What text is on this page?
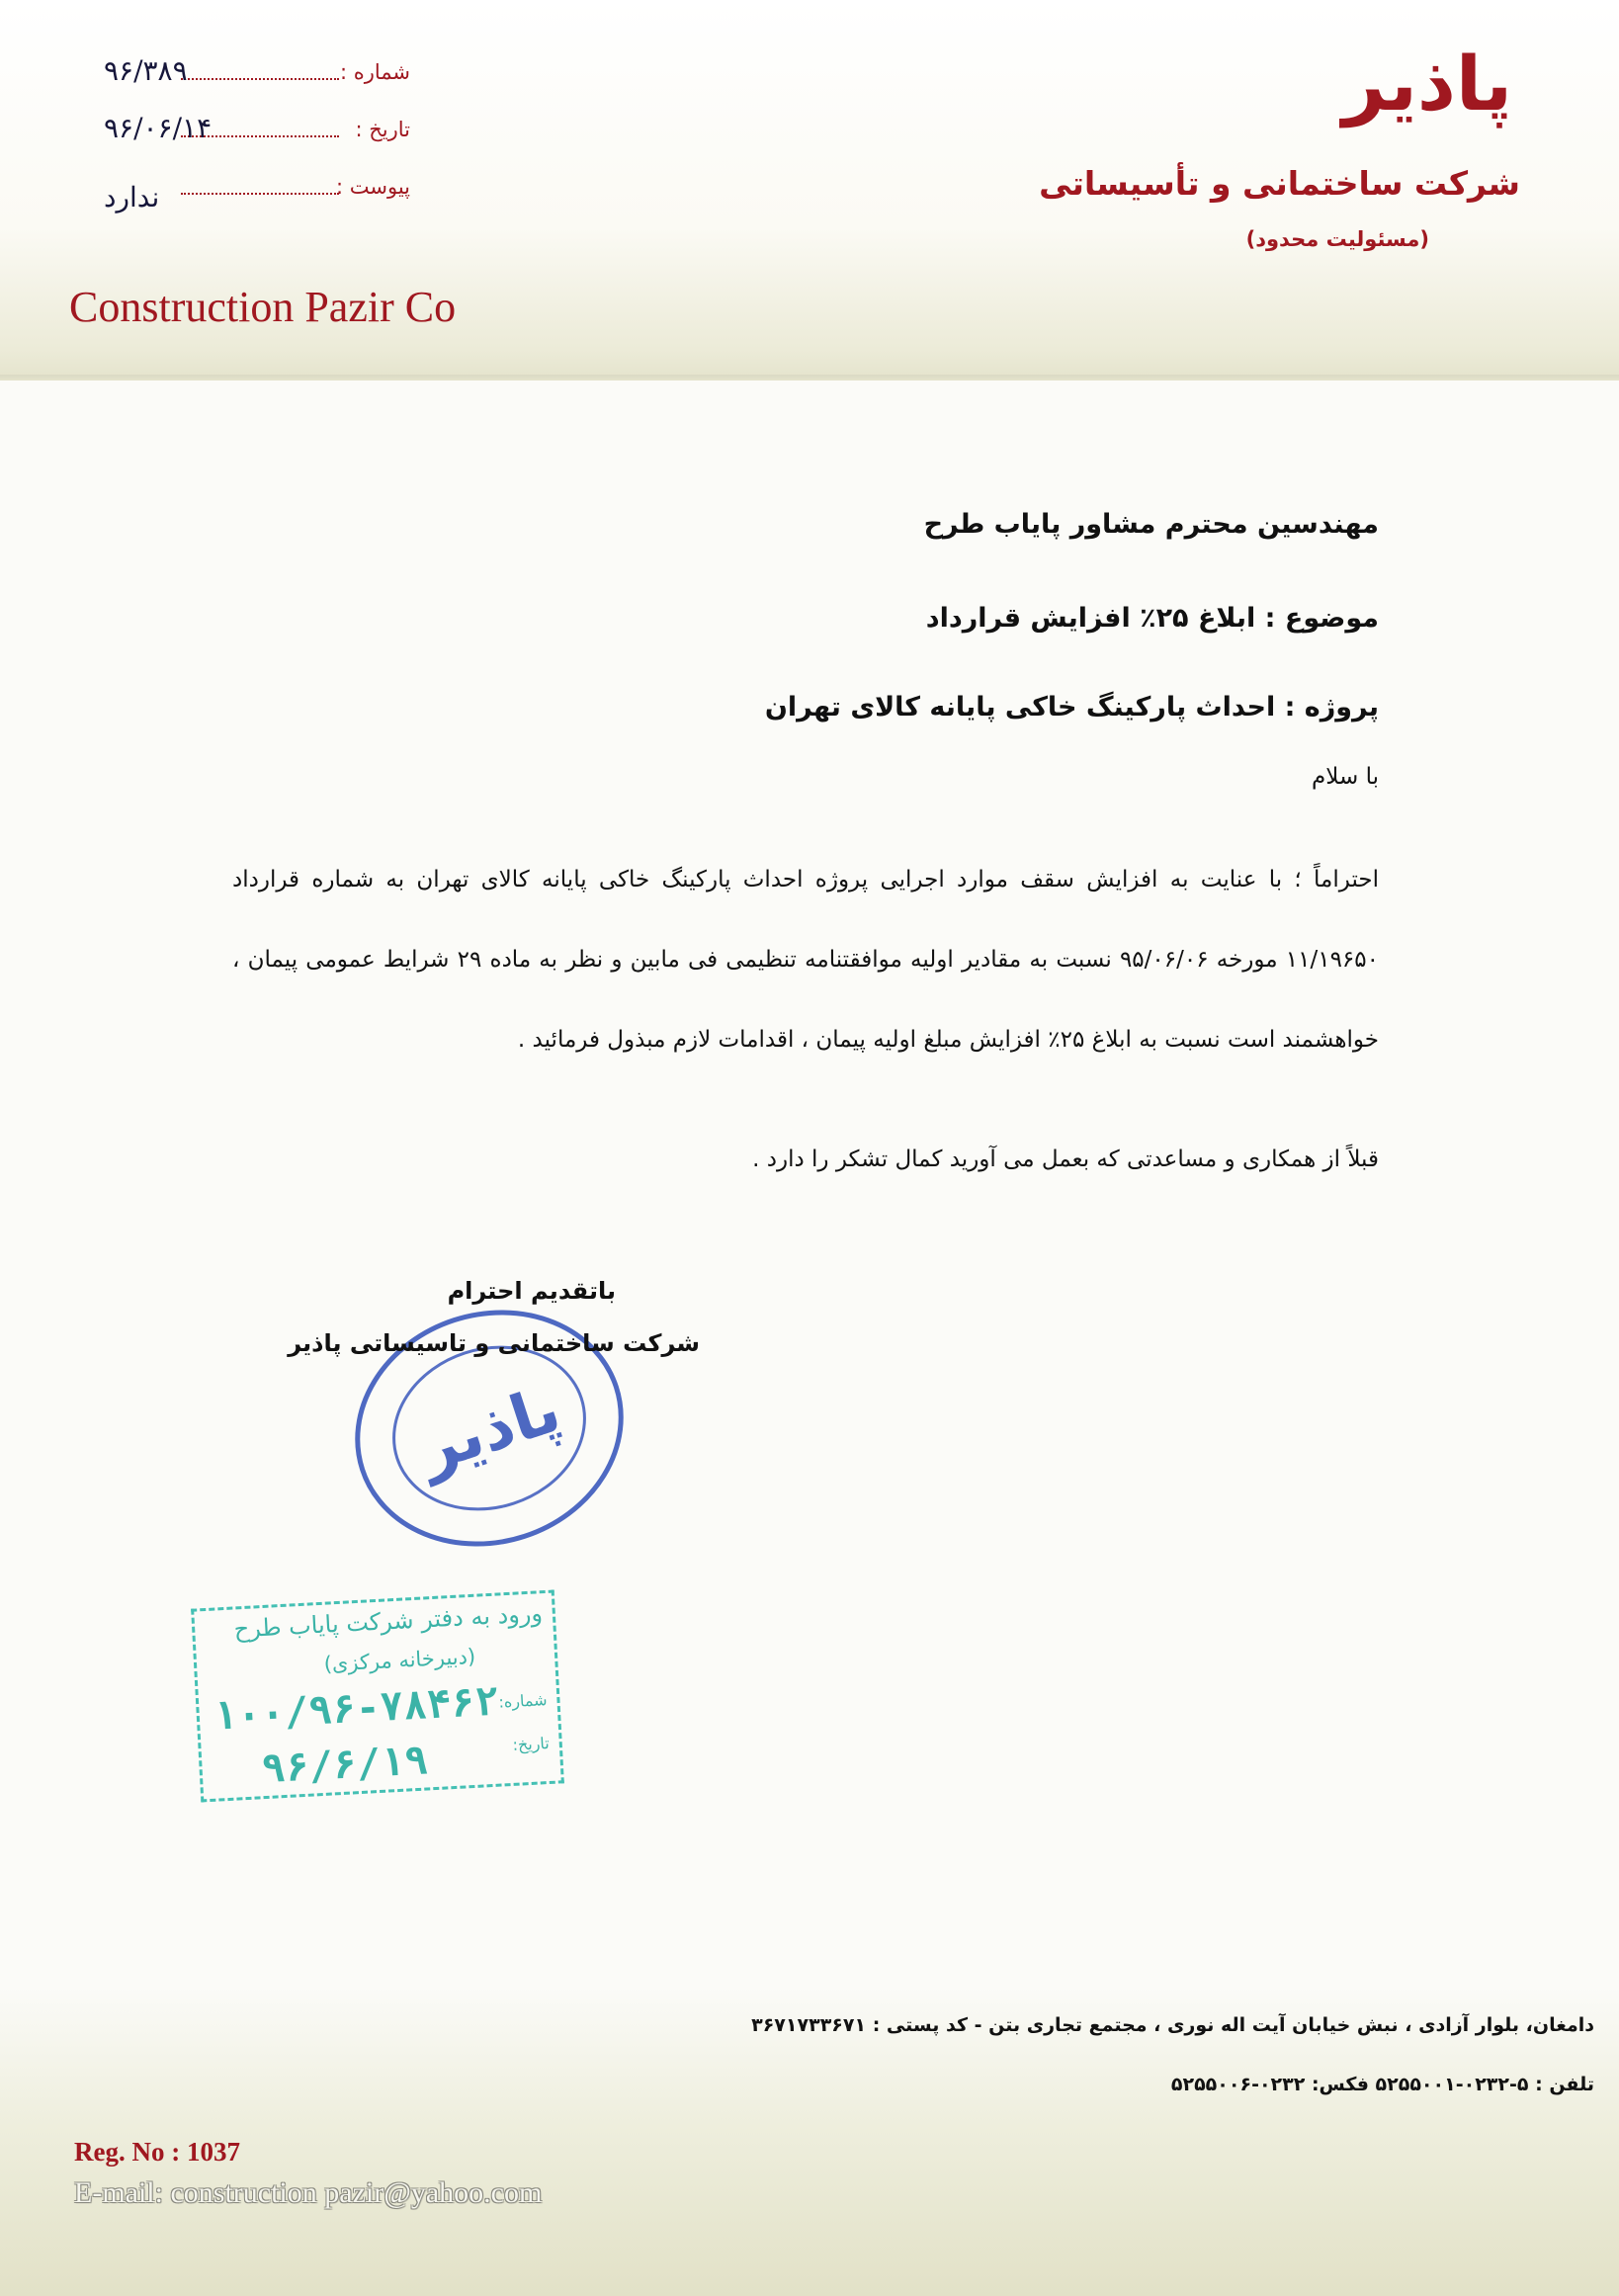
شماره :
۹۶/۳۸۹
تاریخ :
۹۶/۰۶/۱۴
پیوست :
ندارد
پاذیر
شرکت ساختمانی و تأسیساتی
(مسئولیت محدود)
Construction Pazir Co
مهندسین محترم مشاور پایاب طرح
موضوع : ابلاغ ۲۵٪ افزایش قرارداد
پروژه : احداث پارکینگ خاکی پایانه کالای تهران
با سلام
احتراماً ؛ با عنایت به افزایش سقف موارد اجرایی پروژه احداث پارکینگ خاکی پایانه کالای تهران به شماره قرارداد ۱۱/۱۹۶۵۰ مورخه ۹۵/۰۶/۰۶ نسبت به مقادیر اولیه موافقتنامه تنظیمی فی مابین و نظر به ماده ۲۹ شرایط عمومی پیمان ، خواهشمند است نسبت به ابلاغ ۲۵٪ افزایش مبلغ اولیه پیمان ، اقدامات لازم مبذول فرمائید .
قبلاً از همکاری و مساعدتی که بعمل می آورید کمال تشکر را دارد .
پاذیر
باتقدیم احترام
شرکت ساختمانی و تاسیساتی پاذیر
ورود به دفتر شرکت پایاب طرح
(دبیرخانه مرکزی)
شماره:
تاریخ:
۱۰۰/۹۶-۷۸۴۶۲
۹۶/۶/۱۹
دامغان، بلوار آزادی ، نبش خیابان آیت اله نوری ، مجتمع تجاری بتن - کد پستی : ۳۶۷۱۷۳۳۶۷۱
تلفن : ۵-۰۲۳۲-۵۲۵۵۰۰۱ فکس: ۰۲۳۲-۵۲۵۵۰۰۶
Reg. No : 1037
E-mail: construction pazir@yahoo.com
